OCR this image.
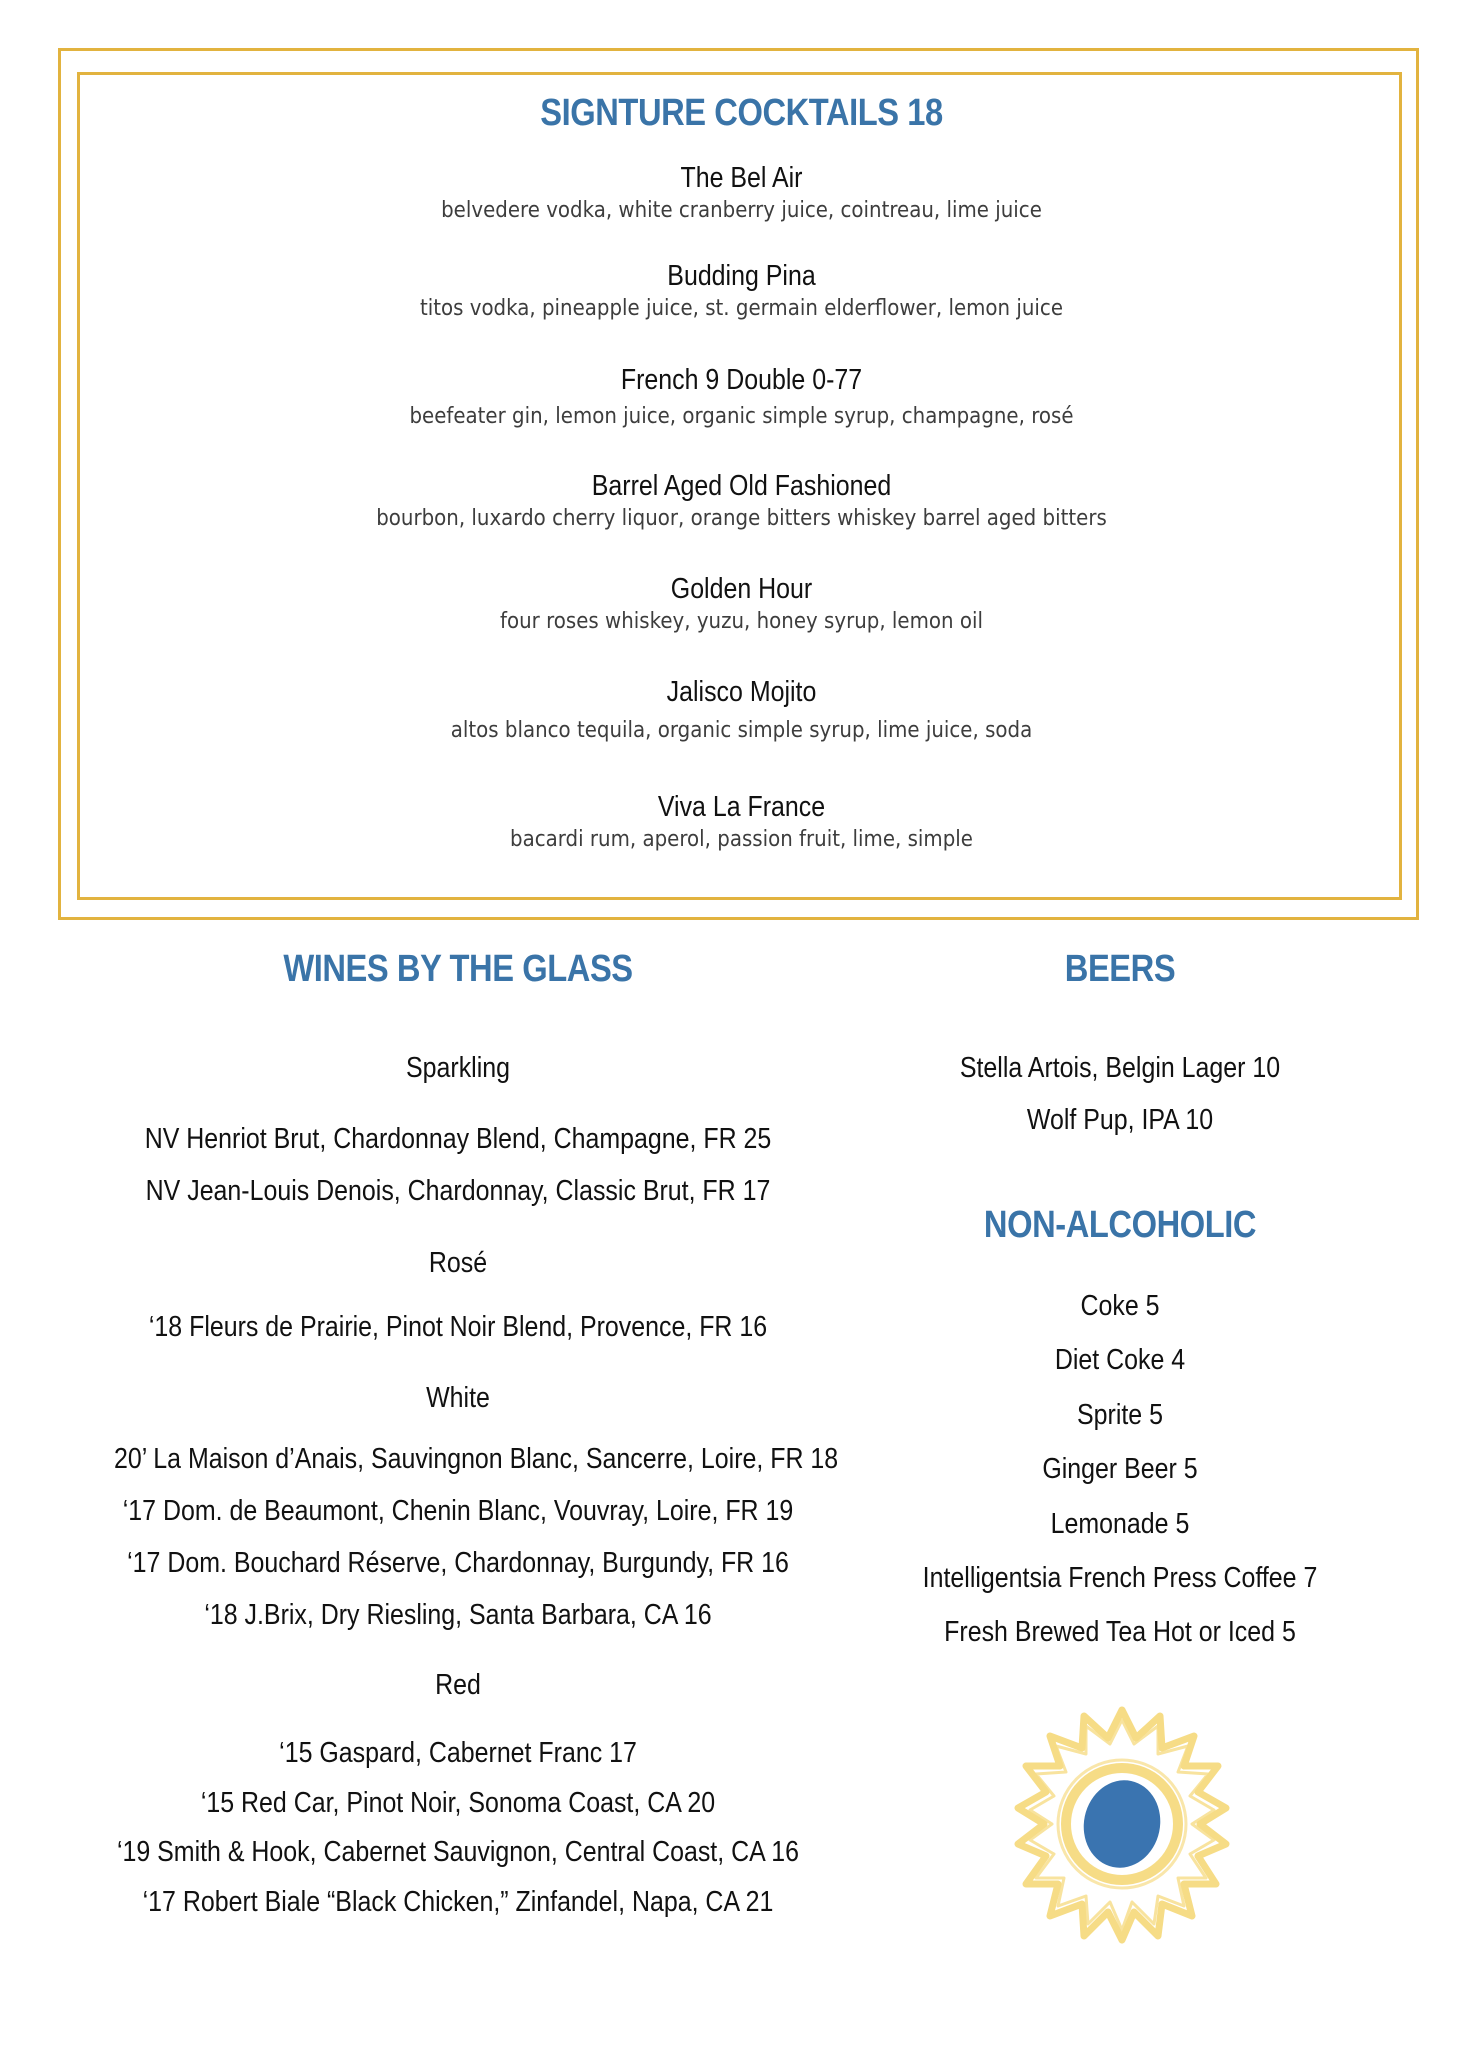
SIGNTURE COCKTAILS 18
The Bel Air
belvedere vodka, white cranberry juice, cointreau, lime juice
Budding Pina
titos vodka, pineapple juice, st. germain elderflower, lemon juice
French 9 Double 0-77
beefeater gin, lemon juice, organic simple syrup, champagne, rosé
Barrel Aged Old Fashioned
bourbon, luxardo cherry liquor, orange bitters whiskey barrel aged bitters
Golden Hour
four roses whiskey, yuzu, honey syrup, lemon oil
Jalisco Mojito
altos blanco tequila, organic simple syrup, lime juice, soda
Viva La France
bacardi rum, aperol, passion fruit, lime, simple
WINES BY THE GLASS
Sparkling
NV Henriot Brut, Chardonnay Blend, Champagne, FR 25
NV Jean-Louis Denois, Chardonnay, Classic Brut, FR 17
Rosé
‘18 Fleurs de Prairie, Pinot Noir Blend, Provence, FR 16
White
20’ La Maison d’Anais, Sauvingnon Blanc, Sancerre, Loire, FR 18
‘17 Dom. de Beaumont, Chenin Blanc, Vouvray, Loire, FR 19
‘17 Dom. Bouchard Réserve, Chardonnay, Burgundy, FR 16
‘18 J.Brix, Dry Riesling, Santa Barbara, CA 16
Red
‘15 Gaspard, Cabernet Franc 17
‘15 Red Car, Pinot Noir, Sonoma Coast, CA 20
‘19 Smith & Hook, Cabernet Sauvignon, Central Coast, CA 16
‘17 Robert Biale “Black Chicken,” Zinfandel, Napa, CA 21
BEERS
Stella Artois, Belgin Lager 10
Wolf Pup, IPA 10
NON-ALCOHOLIC
Coke 5
Diet Coke 4
Sprite 5
Ginger Beer 5
Lemonade 5
Intelligentsia French Press Coffee 7
Fresh Brewed Tea Hot or Iced 5
